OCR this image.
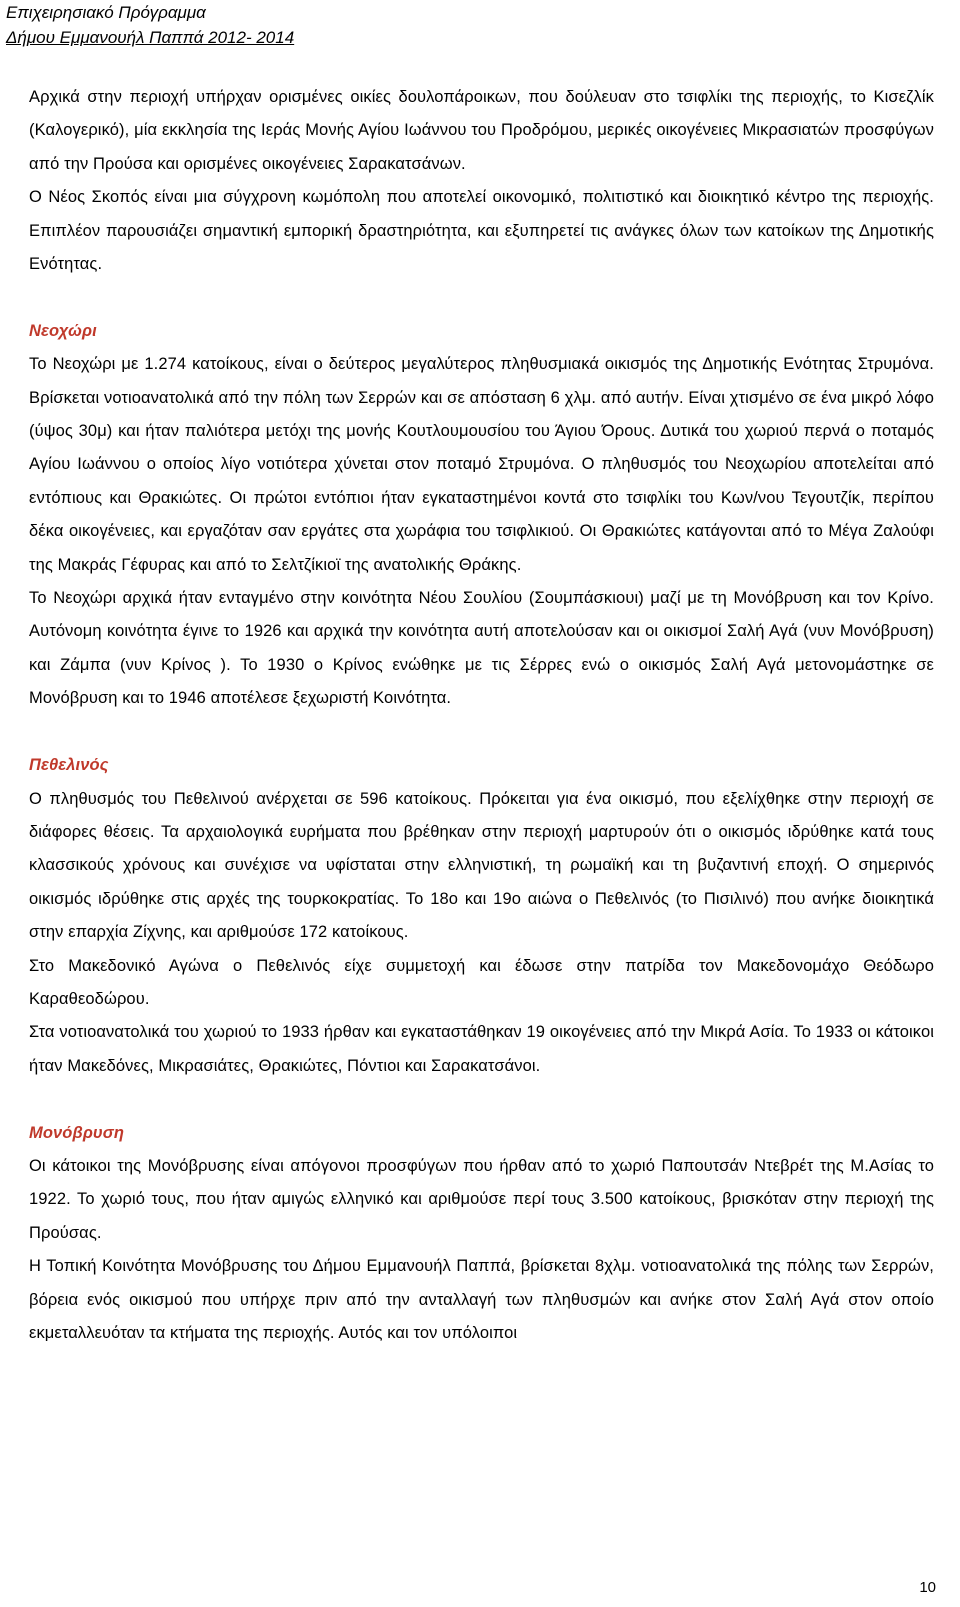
Επιχειρησιακό Πρόγραμμα
Δήμου Εμμανουήλ Παππά 2012- 2014

Αρχικά στην περιοχή υπήρχαν ορισμένες οικίες δουλοπάροικων, που δούλευαν στο τσιφλίκι της περιοχής, το Κισεζλίκ (Καλογερικό), μία εκκλησία της Ιεράς Μονής Αγίου Ιωάννου του Προδρόμου, μερικές οικογένειες Μικρασιατών προσφύγων από την Προύσα και ορισμένες οικογένειες Σαρακατσάνων.

Ο Νέος Σκοπός είναι μια σύγχρονη κωμόπολη που αποτελεί οικονομικό, πολιτιστικό και διοικητικό κέντρο της περιοχής. Επιπλέον παρουσιάζει σημαντική εμπορική δραστηριότητα, και εξυπηρετεί τις ανάγκες όλων των κατοίκων της Δημοτικής Ενότητας.

Νεοχώρι

Το Νεοχώρι με 1.274 κατοίκους, είναι ο δεύτερος μεγαλύτερος πληθυσμιακά οικισμός της Δημοτικής Ενότητας Στρυμόνα. Βρίσκεται νοτιοανατολικά από την πόλη των Σερρών και σε απόσταση 6 χλμ. από αυτήν. Είναι χτισμένο σε ένα μικρό λόφο (ύψος 30μ) και ήταν παλιότερα μετόχι της μονής Κουτλουμουσίου του Άγιου Όρους. Δυτικά του χωριού περνά ο ποταμός Αγίου Ιωάννου ο οποίος λίγο νοτιότερα χύνεται στον ποταμό Στρυμόνα. Ο πληθυσμός του Νεοχωρίου αποτελείται από εντόπιους και Θρακιώτες. Οι πρώτοι εντόπιοι ήταν εγκαταστημένοι κοντά στο τσιφλίκι του Κων/νου Τεγουτζίκ, περίπου δέκα οικογένειες, και εργαζόταν σαν εργάτες στα χωράφια του τσιφλικιού. Οι Θρακιώτες κατάγονται από το Μέγα Ζαλούφι της Μακράς Γέφυρας και από το Σελτζίκιοϊ της ανατολικής Θράκης.

Το Νεοχώρι αρχικά ήταν ενταγμένο στην κοινότητα Νέου Σουλίου (Σουμπάσκιουι) μαζί με τη Μονόβρυση και τον Κρίνο. Αυτόνομη κοινότητα έγινε το 1926 και αρχικά την κοινότητα αυτή αποτελούσαν και οι οικισμοί Σαλή Αγά (νυν Μονόβρυση) και Ζάμπα (νυν Κρίνος ). Το 1930 ο Κρίνος ενώθηκε με τις Σέρρες ενώ ο οικισμός Σαλή Αγά μετονομάστηκε σε Μονόβρυση και το 1946 αποτέλεσε ξεχωριστή Κοινότητα.

Πεθελινός

Ο πληθυσμός του Πεθελινού ανέρχεται σε 596 κατοίκους. Πρόκειται για ένα οικισμό, που εξελίχθηκε στην περιοχή σε διάφορες θέσεις. Τα αρχαιολογικά ευρήματα που βρέθηκαν στην περιοχή μαρτυρούν ότι ο οικισμός ιδρύθηκε κατά τους κλασσικούς χρόνους και συνέχισε να υφίσταται στην ελληνιστική, τη ρωμαϊκή και τη βυζαντινή εποχή. Ο σημερινός οικισμός ιδρύθηκε στις αρχές της τουρκοκρατίας. Το 18ο και 19ο αιώνα ο Πεθελινός (το Πισιλινό) που ανήκε διοικητικά στην επαρχία Ζίχνης, και αριθμούσε 172 κατοίκους.

Στο Μακεδονικό Αγώνα ο Πεθελινός είχε συμμετοχή και έδωσε στην πατρίδα τον Μακεδονομάχο Θεόδωρο Καραθεοδώρου.

Στα νοτιοανατολικά του χωριού το 1933 ήρθαν και εγκαταστάθηκαν 19 οικογένειες από την Μικρά Ασία. Το 1933 οι κάτοικοι ήταν Μακεδόνες, Μικρασιάτες, Θρακιώτες, Πόντιοι και Σαρακατσάνοι.

Μονόβρυση

Οι κάτοικοι της Μονόβρυσης είναι απόγονοι προσφύγων που ήρθαν από το χωριό Παπουτσάν Ντεβρέτ της Μ.Ασίας το 1922. Το χωριό τους, που ήταν αμιγώς ελληνικό και αριθμούσε περί τους 3.500 κατοίκους, βρισκόταν στην περιοχή της Προύσας.

Η Τοπική Κοινότητα Μονόβρυσης του Δήμου Εμμανουήλ Παππά, βρίσκεται 8χλμ. νοτιοανατολικά της πόλης των Σερρών, βόρεια ενός οικισμού που υπήρχε πριν από την ανταλλαγή των πληθυσμών και ανήκε στον Σαλή Αγά στον οποίο εκμεταλλευόταν τα κτήματα της περιοχής. Αυτός και τον υπόλοιποι

10
